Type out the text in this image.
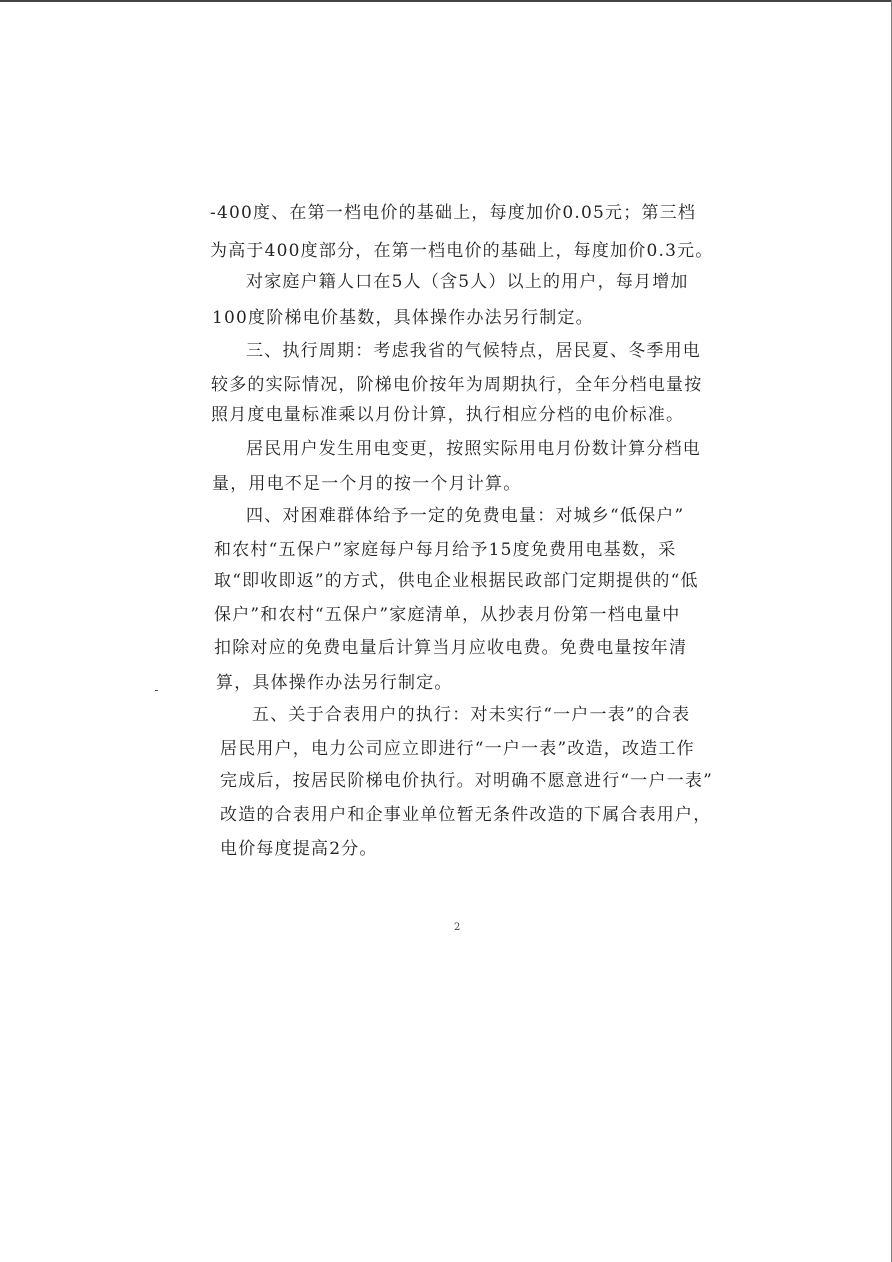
-400度、在第一档电价的基础上，每度加价0.05元；第三档
为高于400度部分，在第一档电价的基础上，每度加价0.3元。
对家庭户籍人口在5人（含5人）以上的用户，每月增加
100度阶梯电价基数，具体操作办法另行制定。
三、执行周期：考虑我省的气候特点，居民夏、冬季用电
较多的实际情况，阶梯电价按年为周期执行，全年分档电量按
照月度电量标准乘以月份计算，执行相应分档的电价标准。
居民用户发生用电变更，按照实际用电月份数计算分档电
量，用电不足一个月的按一个月计算。
四、对困难群体给予一定的免费电量：对城乡“低保户”
和农村“五保户”家庭每户每月给予15度免费用电基数，采
取“即收即返”的方式，供电企业根据民政部门定期提供的“低
保户”和农村“五保户”家庭清单，从抄表月份第一档电量中
扣除对应的免费电量后计算当月应收电费。免费电量按年清
算，具体操作办法另行制定。
五、关于合表用户的执行：对未实行“一户一表”的合表
居民用户，电力公司应立即进行“一户一表”改造，改造工作
完成后，按居民阶梯电价执行。对明确不愿意进行“一户一表”
改造的合表用户和企事业单位暂无条件改造的下属合表用户，
电价每度提高2分。
2
